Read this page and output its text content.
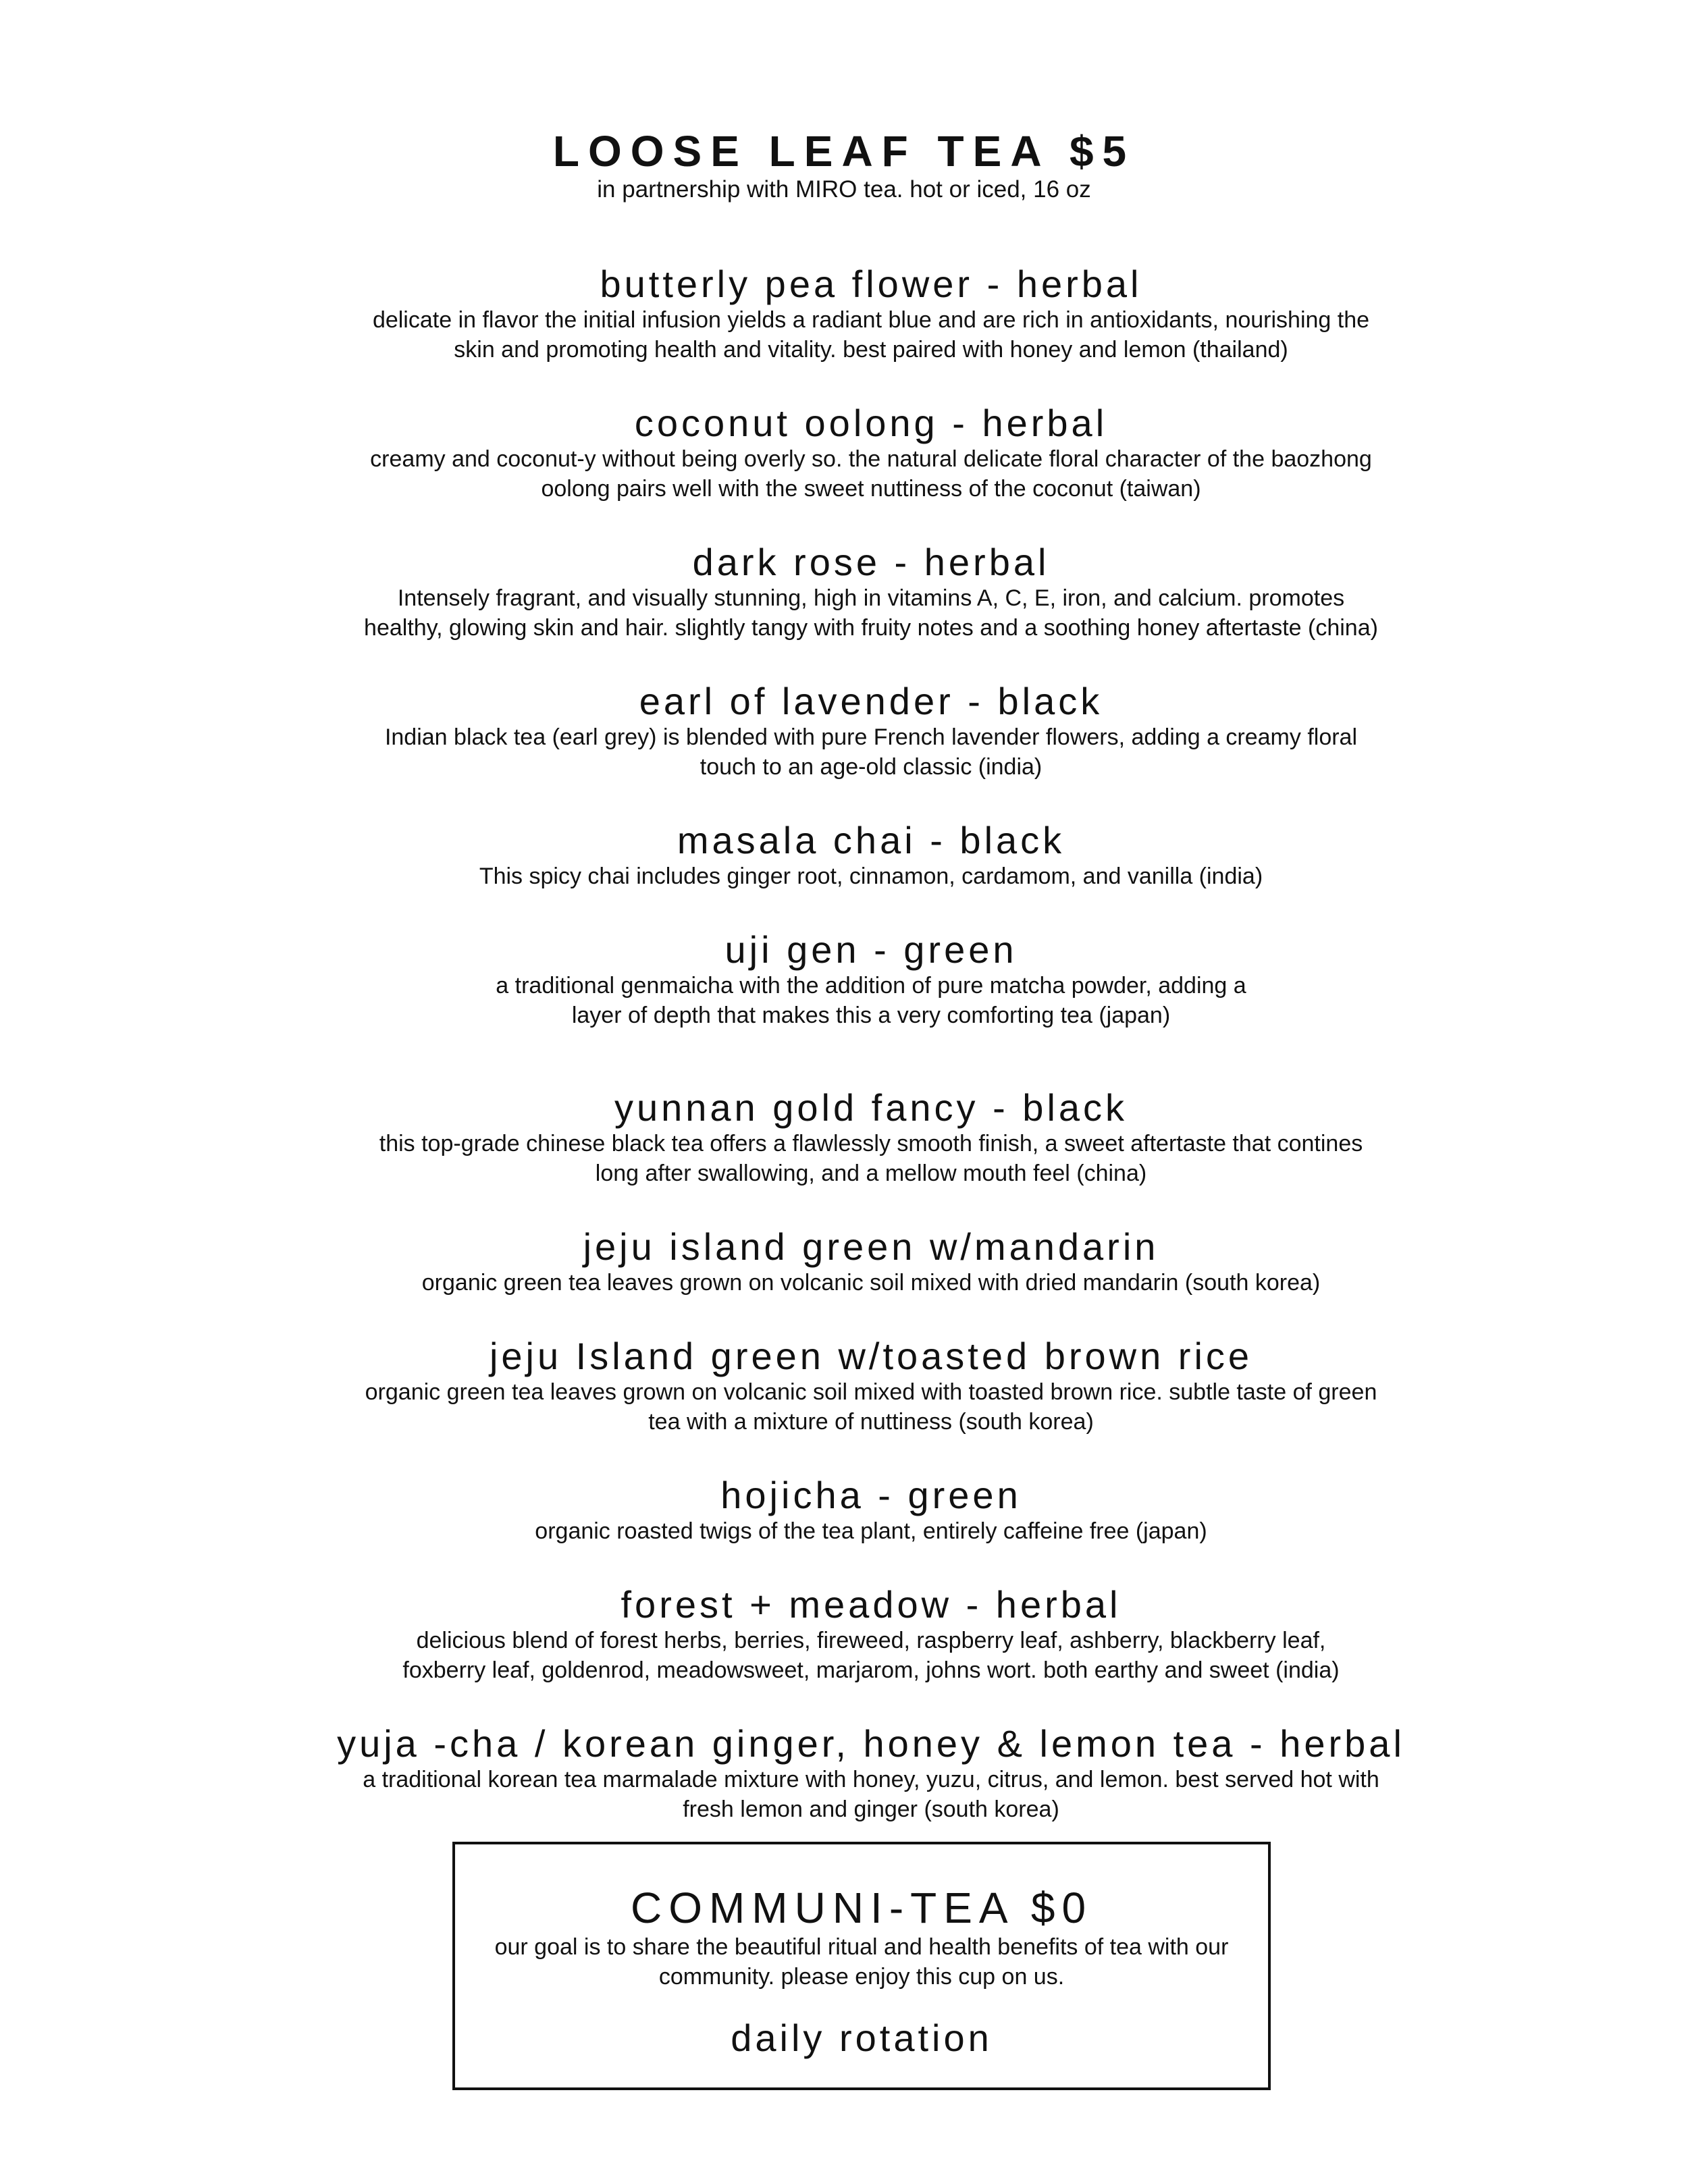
LOOSE LEAF TEA $5

in partnership with MIRO tea. hot or iced, 16 oz

butterly pea flower - herbal

delicate in flavor the initial infusion yields a radiant blue and are rich in antioxidants, nourishing the

skin and promoting health and vitality. best paired with honey and lemon (thailand)

coconut oolong - herbal

creamy and coconut-y without being overly so. the natural delicate floral character of the baozhong

oolong pairs well with the sweet nuttiness of the coconut (taiwan)

dark rose - herbal

Intensely fragrant, and visually stunning, high in vitamins A, C, E, iron, and calcium. promotes

healthy, glowing skin and hair. slightly tangy with fruity notes and a soothing honey aftertaste (china)

earl of lavender - black

Indian black tea (earl grey) is blended with pure French lavender flowers, adding a creamy floral

touch to an age-old classic (india)

masala chai - black

This spicy chai includes ginger root, cinnamon, cardamom, and vanilla (india)

uji gen - green

a traditional genmaicha with the addition of pure matcha powder, adding a

layer of depth that makes this a very comforting tea (japan)

yunnan gold fancy - black

this top-grade chinese black tea offers a flawlessly smooth finish, a sweet aftertaste that contines

long after swallowing, and a mellow mouth feel (china)

jeju island green w/mandarin

organic green tea leaves grown on volcanic soil mixed with dried mandarin (south korea)

jeju Island green w/toasted brown rice

organic green tea leaves grown on volcanic soil mixed with toasted brown rice. subtle taste of green

tea with a mixture of nuttiness (south korea)

hojicha - green

organic roasted twigs of the tea plant, entirely caffeine free (japan)

forest + meadow - herbal

delicious blend of forest herbs, berries, fireweed, raspberry leaf, ashberry, blackberry leaf,

foxberry leaf, goldenrod, meadowsweet, marjarom, johns wort. both earthy and sweet (india)

yuja -cha / korean ginger, honey & lemon tea - herbal

a traditional korean tea marmalade mixture with honey, yuzu, citrus, and lemon. best served hot with

fresh lemon and ginger (south korea)

COMMUNI-TEA $0

our goal is to share the beautiful ritual and health benefits of tea with our

community. please enjoy this cup on us.

daily rotation
